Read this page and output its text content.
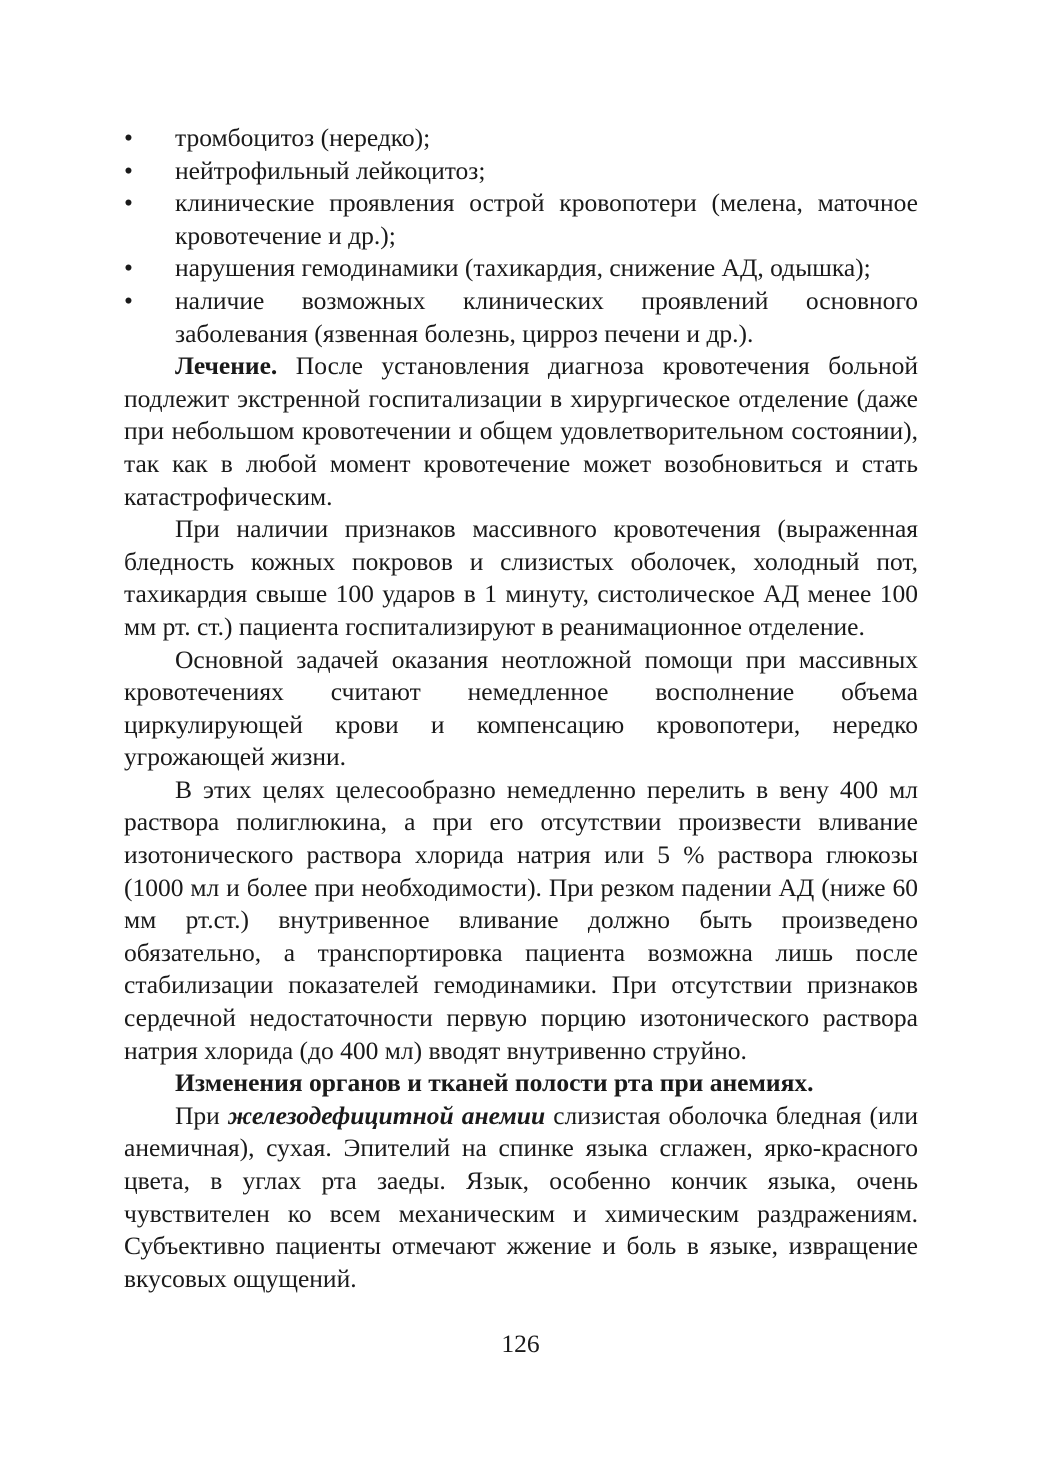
• тромбоцитоз (нередко);
• нейтрофильный лейкоцитоз;
• клинические проявления острой кровопотери (мелена, маточное кровотечение и др.);
• нарушения гемодинамики (тахикардия, снижение АД, одышка);
• наличие возможных клинических проявлений основного заболевания (язвенная болезнь, цирроз печени и др.).

Лечение. После установления диагноза кровотечения больной подлежит экстренной госпитализации в хирургическое отделение (даже при небольшом кровотечении и общем удовлетворительном состоянии), так как в любой момент кровотечение может возобновиться и стать катастрофическим.

При наличии признаков массивного кровотечения (выраженная бледность кожных покровов и слизистых оболочек, холодный пот, тахикардия свыше 100 ударов в 1 минуту, систолическое АД менее 100 мм рт. ст.) пациента госпитализируют в реанимационное отделение.

Основной задачей оказания неотложной помощи при массивных кровотечениях считают немедленное восполнение объема циркулирующей крови и компенсацию кровопотери, нередко угрожающей жизни.

В этих целях целесообразно немедленно перелить в вену 400 мл раствора полиглюкина, а при его отсутствии произвести вливание изотонического раствора хлорида натрия или 5 % раствора глюкозы (1000 мл и более при необходимости). При резком падении АД (ниже 60 мм рт.ст.) внутривенное вливание должно быть произведено обязательно, а транспортировка пациента возможна лишь после стабилизации показателей гемодинамики. При отсутствии признаков сердечной недостаточности первую порцию изотонического раствора натрия хлорида (до 400 мл) вводят внутривенно струйно.

Изменения органов и тканей полости рта при анемиях.

При железодефицитной анемии слизистая оболочка бледная (или анемичная), сухая. Эпителий на спинке языка сглажен, ярко-красного цвета, в углах рта заеды. Язык, особенно кончик языка, очень чувствителен ко всем механическим и химическим раздражениям. Субъективно пациенты отмечают жжение и боль в языке, извращение вкусовых ощущений.

126
